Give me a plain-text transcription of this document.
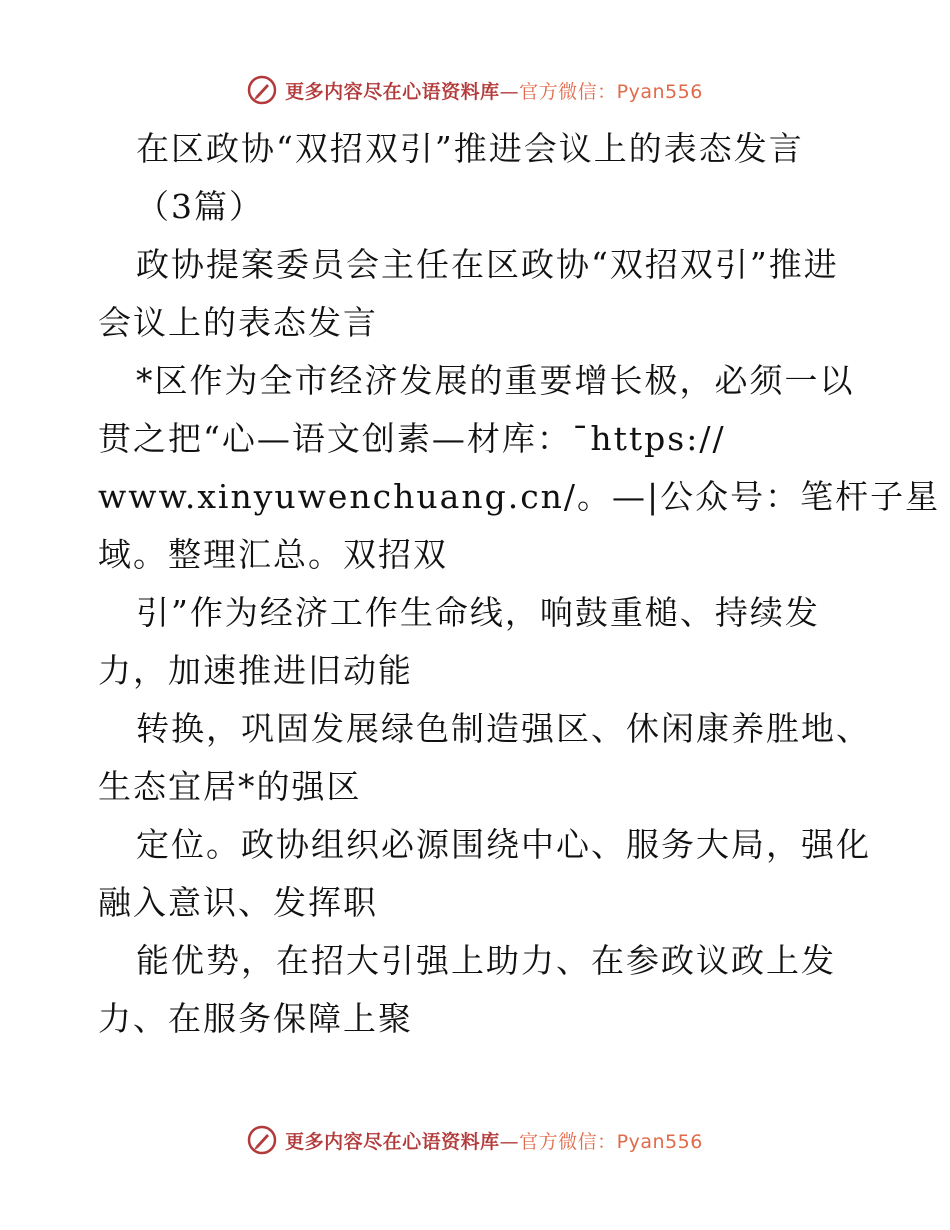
更多内容尽在心语资料库—官方微信：Pyan556
在区政协“双招双引”推进会议上的表态发言
（3篇）
政协提案委员会主任在区政协“双招双引”推进
会议上的表态发言
*区作为全市经济发展的重要增长极，必须一以
贯之把“心—语文创素—材库：¯https://
www.xinyuwenchuang.cn/。—|公众号：笔杆子星
域。整理汇总。双招双
引”作为经济工作生命线，响鼓重槌、持续发
力，加速推进旧动能
转换，巩固发展绿色制造强区、休闲康养胜地、
生态宜居*的强区
定位。政协组织必源围绕中心、服务大局，强化
融入意识、发挥职
能优势，在招大引强上助力、在参政议政上发
力、在服务保障上聚
更多内容尽在心语资料库—官方微信：Pyan556
